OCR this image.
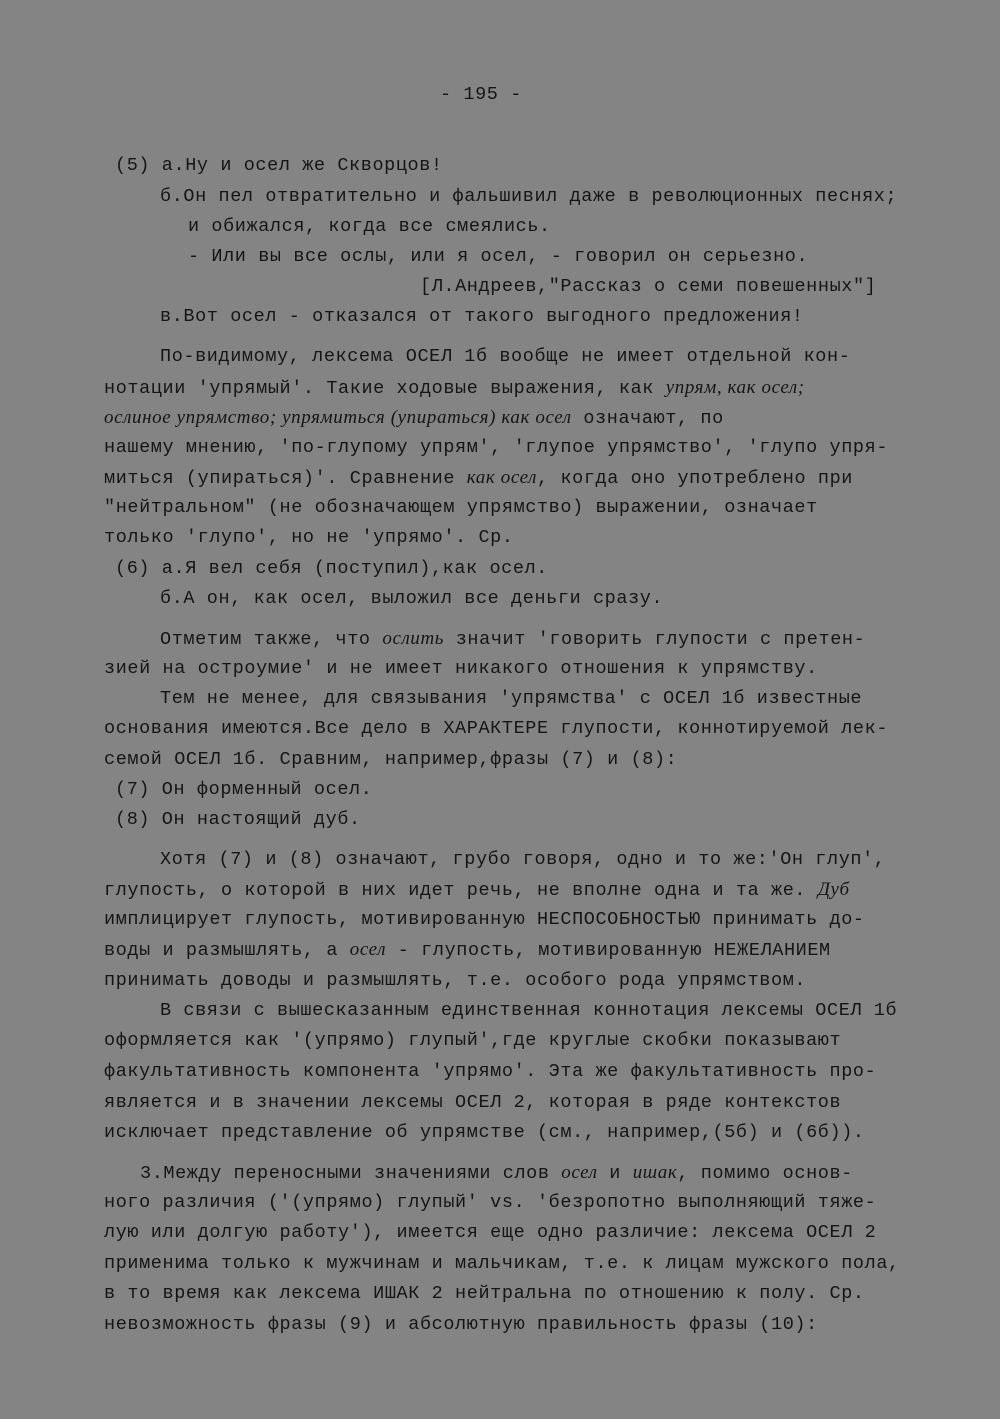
- 195 -
(5) а.Ну и осел же Скворцов!
б.Он пел отвратительно и фальшивил даже в революционных песнях;
и обижался, когда все смеялись.
- Или вы все ослы, или я осел, - говорил он серьезно.
[Л.Андреев,"Рассказ о семи повешенных"]
в.Вот осел - отказался от такого выгодного предложения!
По-видимому, лексема ОСЕЛ 1б вообще не имеет отдельной кон-
нотации 'упрямый'. Такие ходовые выражения, как упрям, как осел;
ослиное упрямство; упрямиться (упираться) как осел означают, по
нашему мнению, 'по-глупому упрям', 'глупое упрямство', 'глупо упря-
миться (упираться)'. Сравнение как осел, когда оно употреблено при
"нейтральном" (не обозначающем упрямство) выражении, означает
только 'глупо', но не 'упрямо'. Ср.
(6) а.Я вел себя (поступил),как осел.
б.А он, как осел, выложил все деньги сразу.
Отметим также, что ослить значит 'говорить глупости с претен-
зией на остроумие' и не имеет никакого отношения к упрямству.
Тем не менее, для связывания 'упрямства' с ОСЕЛ 1б известные
основания имеются.Все дело в ХАРАКТЕРЕ глупости, коннотируемой лек-
семой ОСЕЛ 1б. Сравним, например,фразы (7) и (8):
(7) Он форменный осел.
(8) Он настоящий дуб.
Хотя (7) и (8) означают, грубо говоря, одно и то же:'Он глуп',
глупость, о которой в них идет речь, не вполне одна и та же. Дуб
имплицирует глупость, мотивированную НЕСПОСОБНОСТЬЮ принимать до-
воды и размышлять, а осел - глупость, мотивированную НЕЖЕЛАНИЕМ
принимать доводы и размышлять, т.е. особого рода упрямством.
В связи с вышесказанным единственная коннотация лексемы ОСЕЛ 1б
оформляется как '(упрямо) глупый',где круглые скобки показывают
факультативность компонента 'упрямо'. Эта же факультативность про-
является и в значении лексемы ОСЕЛ 2, которая в ряде контекстов
исключает представление об упрямстве (см., например,(5б) и (6б)).
3.Между переносными значениями слов осел и ишак, помимо основ-
ного различия ('(упрямо) глупый' vs. 'безропотно выполняющий тяже-
лую или долгую работу'), имеется еще одно различие: лексема ОСЕЛ 2
применима только к мужчинам и мальчикам, т.е. к лицам мужского пола,
в то время как лексема ИШАК 2 нейтральна по отношению к полу. Ср.
невозможность фразы (9) и абсолютную правильность фразы (10):
